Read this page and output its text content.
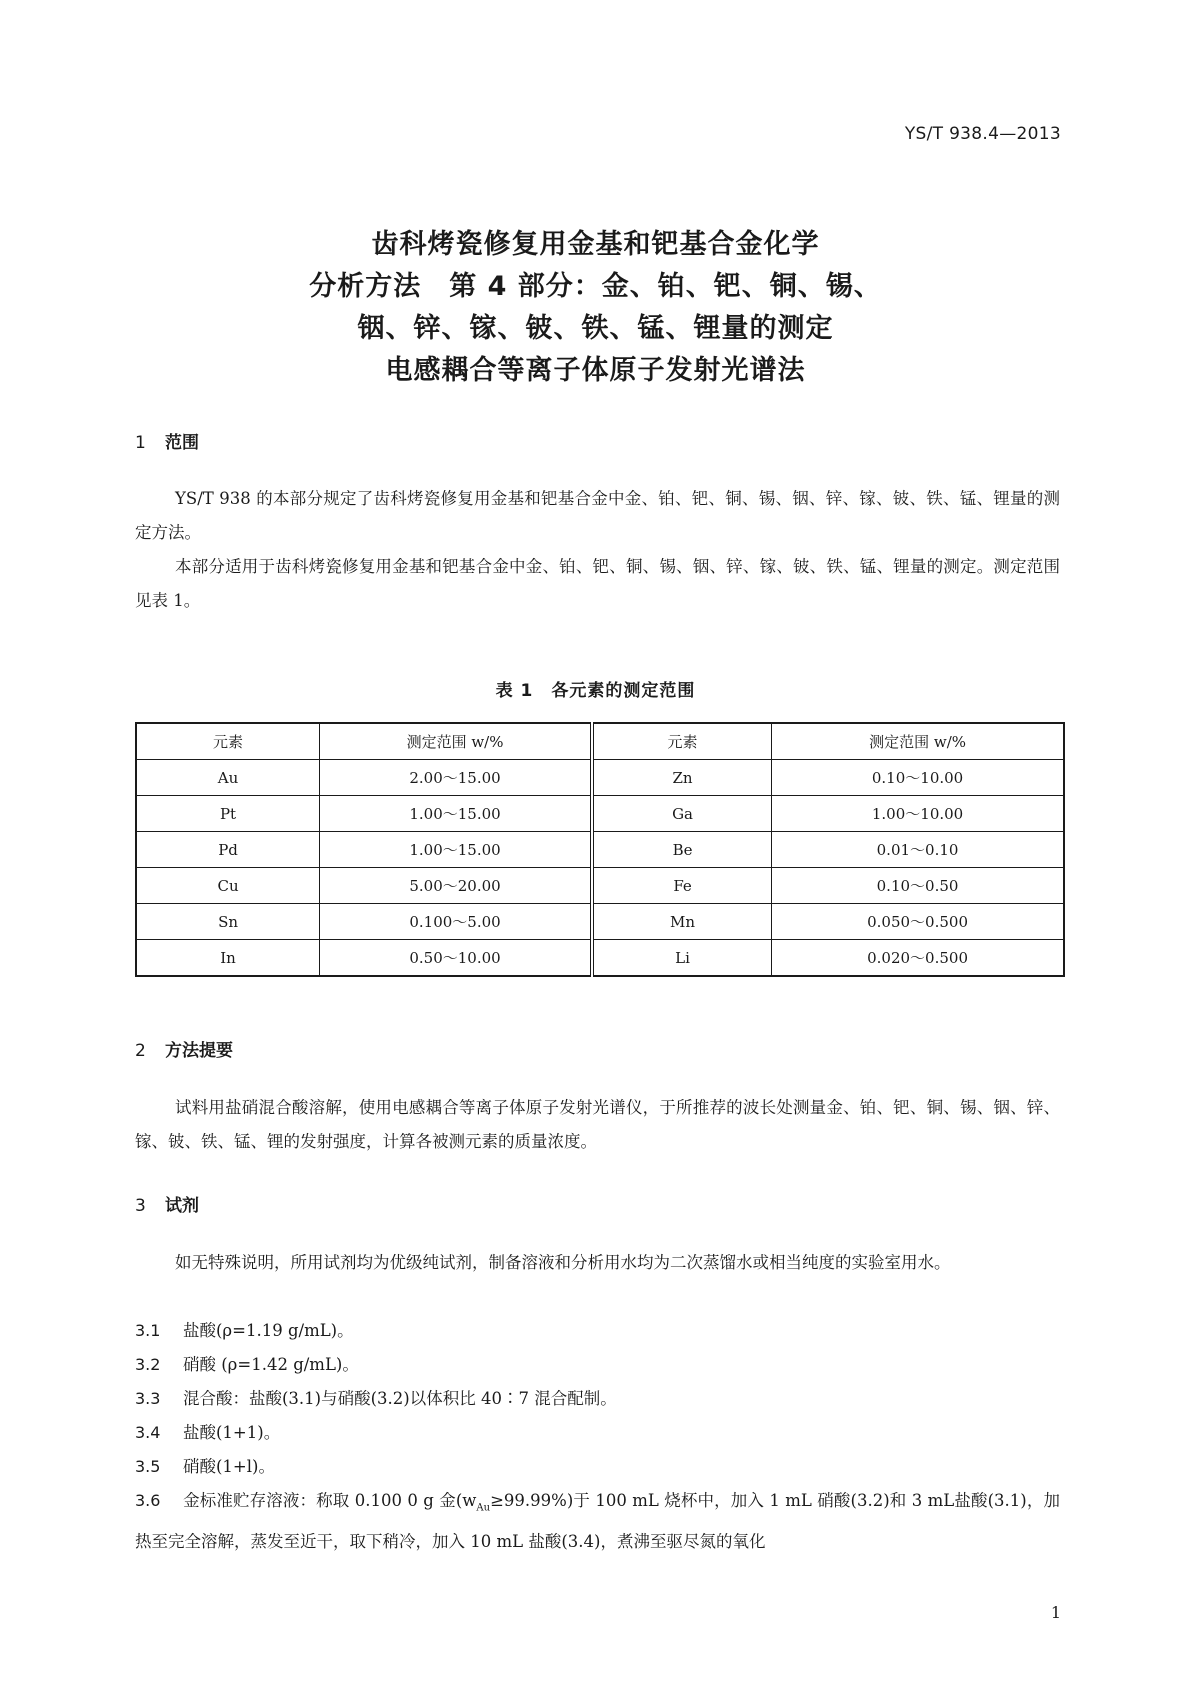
YS/T 938.4—2013
齿科烤瓷修复用金基和钯基合金化学
分析方法　第 4 部分：金、铂、钯、铜、锡、
铟、锌、镓、铍、铁、锰、锂量的测定
电感耦合等离子体原子发射光谱法
1 范围
YS/T 938 的本部分规定了齿科烤瓷修复用金基和钯基合金中金、铂、钯、铜、锡、铟、锌、镓、铍、铁、锰、锂量的测定方法。
本部分适用于齿科烤瓷修复用金基和钯基合金中金、铂、钯、铜、锡、铟、锌、镓、铍、铁、锰、锂量的测定。测定范围见表 1。
表 1　各元素的测定范围
元素	测定范围 w/%	元素	测定范围 w/%
Au	2.00～15.00	Zn	0.10～10.00
Pt	1.00～15.00	Ga	1.00～10.00
Pd	1.00～15.00	Be	0.01～0.10
Cu	5.00～20.00	Fe	0.10～0.50
Sn	0.100～5.00	Mn	0.050～0.500
In	0.50～10.00	Li	0.020～0.500
2 方法提要
试料用盐硝混合酸溶解，使用电感耦合等离子体原子发射光谱仪，于所推荐的波长处测量金、铂、钯、铜、锡、铟、锌、镓、铍、铁、锰、锂的发射强度，计算各被测元素的质量浓度。
3 试剂
如无特殊说明，所用试剂均为优级纯试剂，制备溶液和分析用水均为二次蒸馏水或相当纯度的实验室用水。
3.1 盐酸(ρ=1.19 g/mL)。
3.2 硝酸 (ρ=1.42 g/mL)。
3.3 混合酸：盐酸(3.1)与硝酸(3.2)以体积比 40∶7 混合配制。
3.4 盐酸(1+1)。
3.5 硝酸(1+l)。
3.6 金标准贮存溶液：称取 0.100 0 g 金$(w_{Au}\ge 99.99\%)$于 100 mL 烧杯中，加入 1 mL 硝酸(3.2)和 3 mL盐酸(3.1)，加热至完全溶解，蒸发至近干，取下稍冷，加入 10 mL 盐酸(3.4)，煮沸至驱尽氮的氧化
1
